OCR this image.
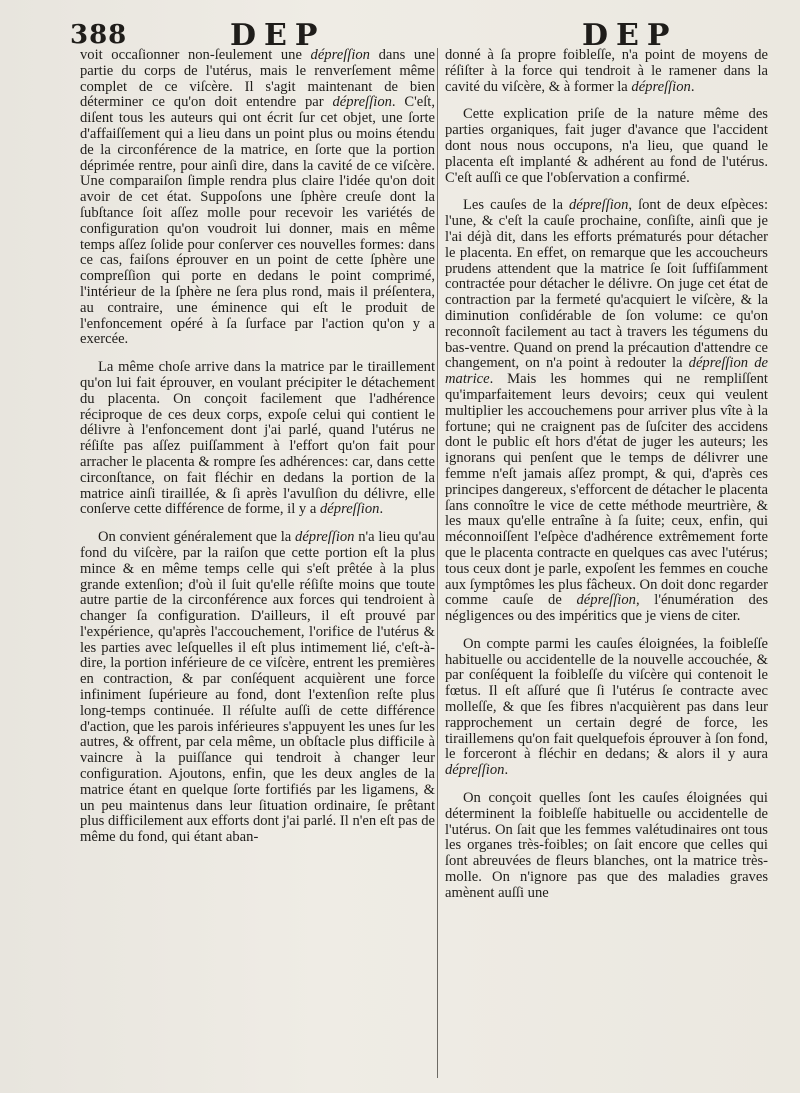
388	DEP	DEP

voit occaſionner non-ſeulement une dépreſſion dans une partie du corps de l'utérus, mais le renverſement même complet de ce viſcère. Il s'agit maintenant de bien déterminer ce qu'on doit entendre par dépreſſion. C'eſt, diſent tous les auteurs qui ont écrit ſur cet objet, une ſorte d'affaiſſement qui a lieu dans un point plus ou moins étendu de la circonférence de la matrice, en ſorte que la portion déprimée rentre, pour ainſi dire, dans la cavité de ce viſcère. Une comparaiſon ſimple rendra plus claire l'idée qu'on doit avoir de cet état. Suppoſons une ſphère creuſe dont la ſubſtance ſoit aſſez molle pour recevoir les variétés de configuration qu'on voudroit lui donner, mais en même temps aſſez ſolide pour conſerver ces nouvelles formes: dans ce cas, faiſons éprouver en un point de cette ſphère une compreſſion qui porte en dedans le point comprimé, l'intérieur de la ſphère ne ſera plus rond, mais il préſentera, au contraire, une éminence qui eſt le produit de l'enfoncement opéré à ſa ſurface par l'action qu'on y a exercée.

La même choſe arrive dans la matrice par le tiraillement qu'on lui fait éprouver, en voulant précipiter le détachement du placenta. On conçoit facilement que l'adhérence réciproque de ces deux corps, expoſe celui qui contient le délivre à l'enfoncement dont j'ai parlé, quand l'utérus ne réſiſte pas aſſez puiſſamment à l'effort qu'on fait pour arracher le placenta & rompre ſes adhérences: car, dans cette circonſtance, on fait fléchir en dedans la portion de la matrice ainſi tiraillée, & ſi après l'avulſion du délivre, elle conſerve cette différence de forme, il y a dépreſſion.

On convient généralement que la dépreſſion n'a lieu qu'au fond du viſcère, par la raiſon que cette portion eſt la plus mince & en même temps celle qui s'eſt prêtée à la plus grande extenſion; d'où il ſuit qu'elle réſiſte moins que toute autre partie de la circonférence aux forces qui tendroient à changer ſa configuration. D'ailleurs, il eſt prouvé par l'expérience, qu'après l'accouchement, l'orifice de l'utérus & les parties avec leſquelles il eſt plus intimement lié, c'eſt-à-dire, la portion inférieure de ce viſcère, entrent les premières en contraction, & par conſéquent acquièrent une force infiniment ſupérieure au fond, dont l'extenſion reſte plus long-temps continuée. Il réſulte auſſi de cette différence d'action, que les parois inférieures s'appuyent les unes ſur les autres, & offrent, par cela même, un obſtacle plus difficile à vaincre à la puiſſance qui tendroit à changer leur configuration. Ajoutons, enfin, que les deux angles de la matrice étant en quelque ſorte fortifiés par les ligamens, & un peu maintenus dans leur ſituation ordinaire, ſe prêtant plus difficilement aux efforts dont j'ai parlé. Il n'en eſt pas de même du fond, qui étant aban-

donné à ſa propre foibleſſe, n'a point de moyens de réſiſter à la force qui tendroit à le ramener dans la cavité du viſcère, & à former la dépreſſion.

Cette explication priſe de la nature même des parties organiques, fait juger d'avance que l'accident dont nous nous occupons, n'a lieu, que quand le placenta eſt implanté & adhérent au fond de l'utérus. C'eſt auſſi ce que l'obſervation a confirmé.

Les cauſes de la dépreſſion, ſont de deux eſpèces: l'une, & c'eſt la cauſe prochaine, conſiſte, ainſi que je l'ai déjà dit, dans les efforts prématurés pour détacher le placenta. En effet, on remarque que les accoucheurs prudens attendent que la matrice ſe ſoit ſuffiſamment contractée pour détacher le délivre. On juge cet état de contraction par la fermeté qu'acquiert le viſcère, & la diminution conſidérable de ſon volume: ce qu'on reconnoît facilement au tact à travers les tégumens du bas-ventre. Quand on prend la précaution d'attendre ce changement, on n'a point à redouter la dépreſſion de matrice. Mais les hommes qui ne rempliſſent qu'imparfaitement leurs devoirs; ceux qui veulent multiplier les accouchemens pour arriver plus vîte à la fortune; qui ne craignent pas de ſuſciter des accidens dont le public eſt hors d'état de juger les auteurs; les ignorans qui penſent que le temps de délivrer une femme n'eſt jamais aſſez prompt, & qui, d'après ces principes dangereux, s'efforcent de détacher le placenta ſans connoître le vice de cette méthode meurtrière, & les maux qu'elle entraîne à ſa ſuite; ceux, enfin, qui méconnoiſſent l'eſpèce d'adhérence extrêmement forte que le placenta contracte en quelques cas avec l'utérus; tous ceux dont je parle, expoſent les femmes en couche aux ſymptômes les plus fâcheux. On doit donc regarder comme cauſe de dépreſſion, l'énumération des négligences ou des impéritics que je viens de citer.

On compte parmi les cauſes éloignées, la foibleſſe habituelle ou accidentelle de la nouvelle accouchée, & par conſéquent la foibleſſe du viſcère qui contenoit le fœtus. Il eſt aſſuré que ſi l'utérus ſe contracte avec molleſſe, & que ſes fibres n'acquièrent pas dans leur rapprochement un certain degré de force, les tiraillemens qu'on fait quelquefois éprouver à ſon fond, le forceront à fléchir en dedans; & alors il y aura dépreſſion.

On conçoit quelles ſont les cauſes éloignées qui déterminent la foibleſſe habituelle ou accidentelle de l'utérus. On ſait que les femmes valétudinaires ont tous les organes très-foibles; on ſait encore que celles qui ſont abreuvées de fleurs blanches, ont la matrice très-molle. On n'ignore pas que des maladies graves amènent auſſi une
